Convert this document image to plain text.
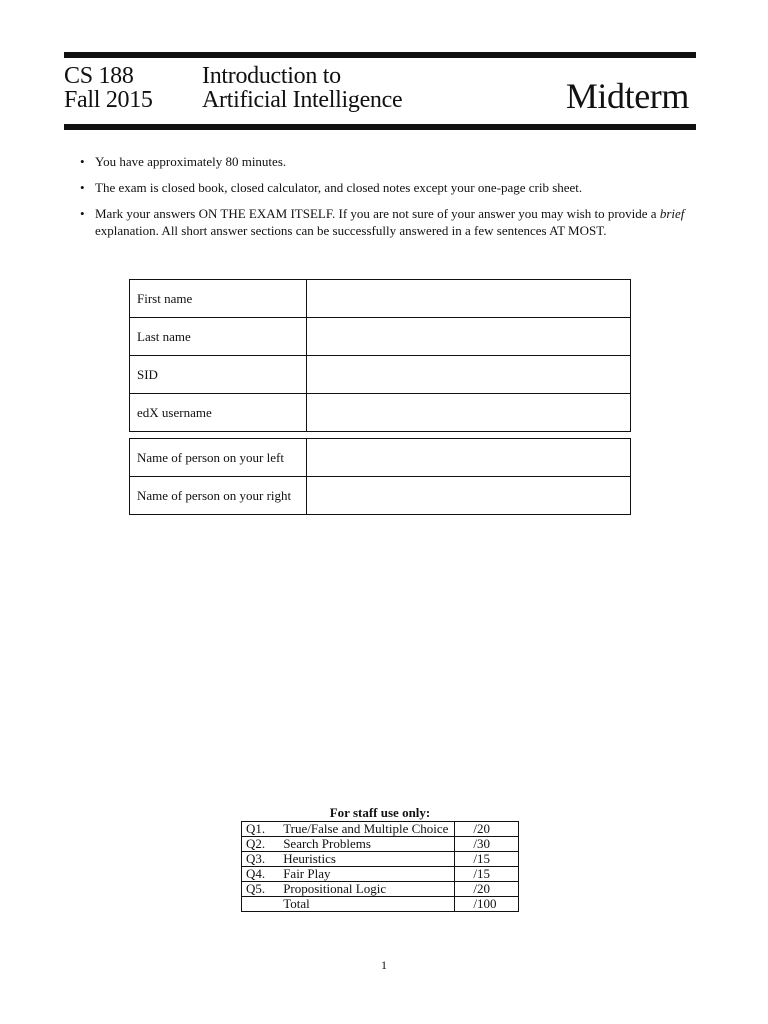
CS 188
Fall 2015
Introduction to
Artificial Intelligence	Midterm
• You have approximately 80 minutes.
• The exam is closed book, closed calculator, and closed notes except your one-page crib sheet.
• Mark your answers ON THE EXAM ITSELF. If you are not sure of your answer you may wish to provide a brief explanation. All short answer sections can be successfully answered in a few sentences AT MOST.
First name	
Last name	
SID	
edX username	
Name of person on your left	
Name of person on your right	
For staff use only:
Q1.	True/False and Multiple Choice	/20
Q2.	Search Problems	/30
Q3.	Heuristics	/15
Q4.	Fair Play	/15
Q5.	Propositional Logic	/20
	Total	/100
1
